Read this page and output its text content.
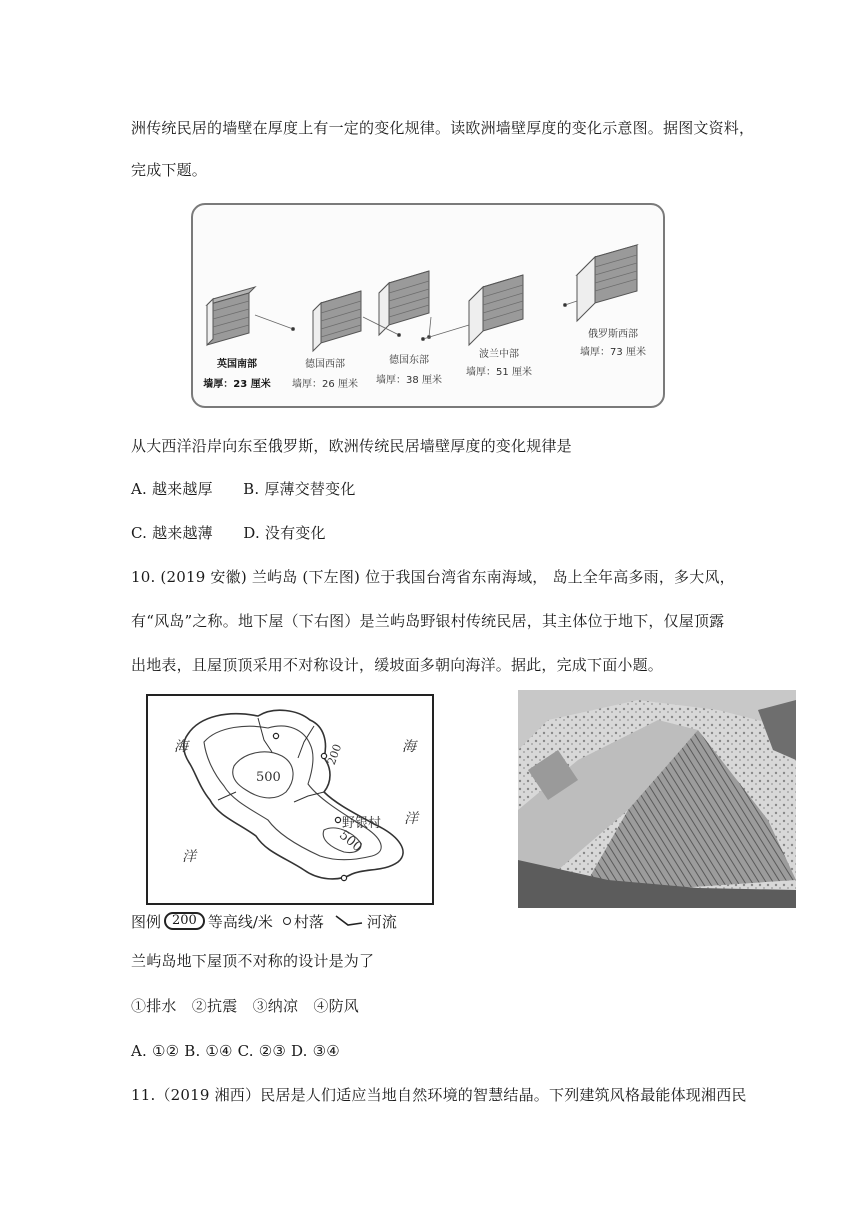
洲传统民居的墙壁在厚度上有一定的变化规律。读欧洲墙壁厚度的变化示意图。据图文资料，
完成下题。
英国南部
墙厚：23 厘米
德国西部
墙厚：26 厘米
德国东部
墙厚：38 厘米
波兰中部
墙厚：51 厘米
俄罗斯西部
墙厚：73 厘米
从大西洋沿岸向东至俄罗斯，欧洲传统民居墙壁厚度的变化规律是
A. 越来越厚　　B. 厚薄交替变化
C. 越来越薄　　D. 没有变化
10. (2019 安徽) 兰屿岛 (下左图) 位于我国台湾省东南海域， 岛上全年高多雨，多大风，
有“风岛”之称。地下屋（下右图）是兰屿岛野银村传统民居，其主体位于地下，仅屋顶露
出地表，且屋顶顶采用不对称设计，缓坡面多朝向海洋。据此，完成下面小题。
海
洋
海
洋
野银村
500
500
200
图例 200 等高线/米 村落	河流
兰屿岛地下屋顶不对称的设计是为了
①排水　②抗震　③纳凉　④防风
A. ①② B. ①④ C. ②③ D. ③④
11.（2019 湘西）民居是人们适应当地自然环境的智慧结晶。下列建筑风格最能体现湘西民
